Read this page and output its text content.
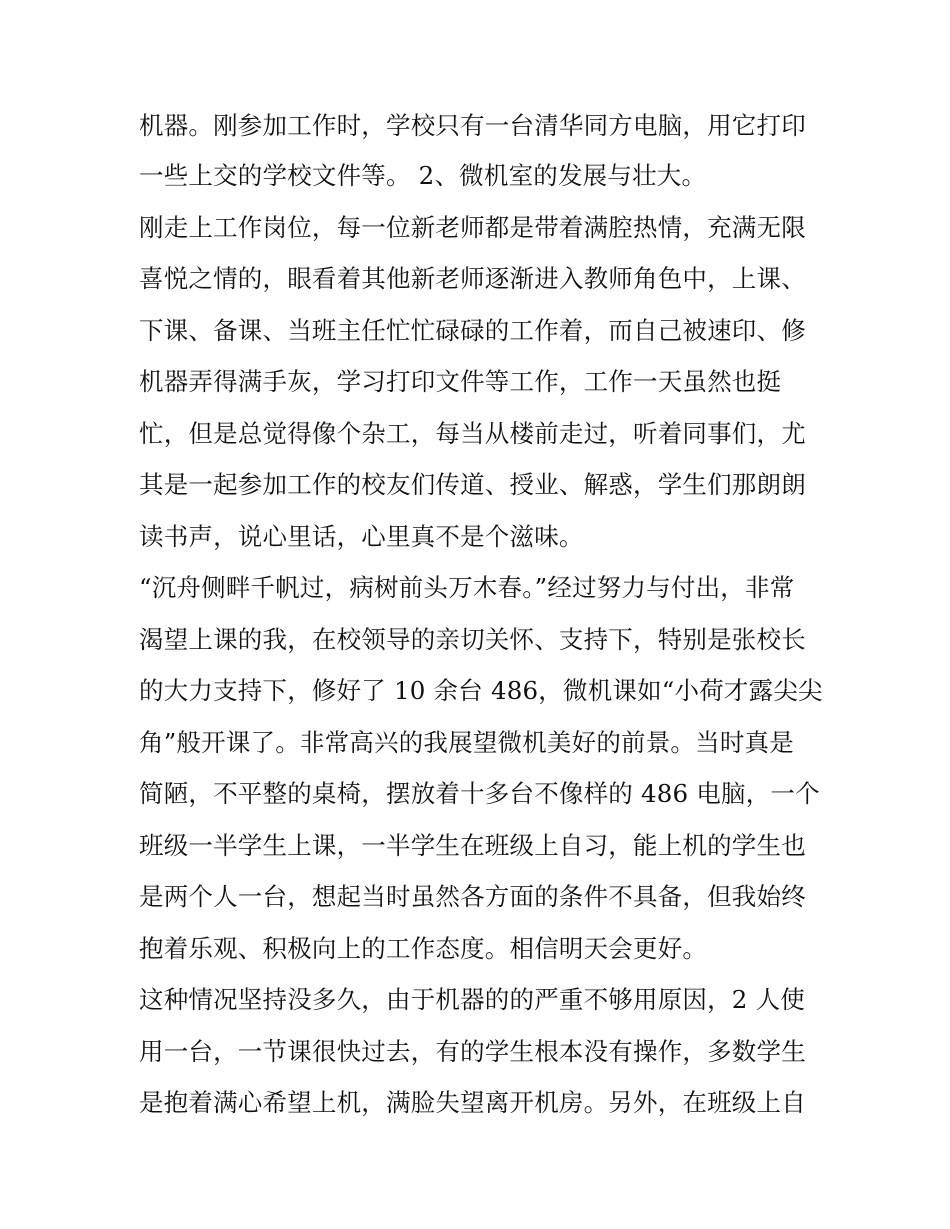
机器。刚参加工作时，学校只有一台清华同方电脑，用它打印
一些上交的学校文件等。 2、微机室的发展与壮大。
刚走上工作岗位，每一位新老师都是带着满腔热情，充满无限
喜悦之情的，眼看着其他新老师逐渐进入教师角色中，上课、
下课、备课、当班主任忙忙碌碌的工作着，而自己被速印、修
机器弄得满手灰，学习打印文件等工作，工作一天虽然也挺
忙，但是总觉得像个杂工，每当从楼前走过，听着同事们，尤
其是一起参加工作的校友们传道、授业、解惑，学生们那朗朗
读书声，说心里话，心里真不是个滋味。
“沉舟侧畔千帆过，病树前头万木春。”经过努力与付出，非常
渴望上课的我，在校领导的亲切关怀、支持下，特别是张校长
的大力支持下，修好了 10 余台 486，微机课如“小荷才露尖尖
角”般开课了。非常高兴的我展望微机美好的前景。当时真是
简陋，不平整的桌椅，摆放着十多台不像样的 486 电脑，一个
班级一半学生上课，一半学生在班级上自习，能上机的学生也
是两个人一台，想起当时虽然各方面的条件不具备，但我始终
抱着乐观、积极向上的工作态度。相信明天会更好。
这种情况坚持没多久，由于机器的的严重不够用原因，2 人使
用一台，一节课很快过去，有的学生根本没有操作，多数学生
是抱着满心希望上机，满脸失望离开机房。另外，在班级上自
